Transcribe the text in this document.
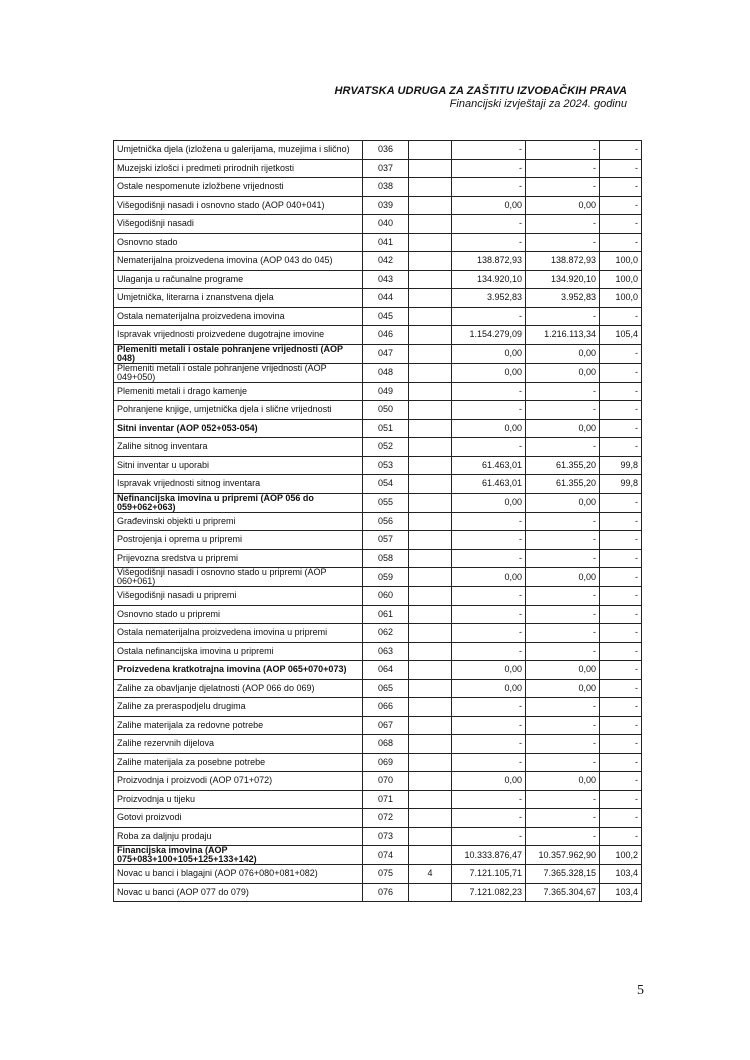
HRVATSKA UDRUGA ZA ZAŠTITU IZVOĐAČKIH PRAVA
Financijski izvještaji za 2024. godinu
Umjetnička djela (izložena u galerijama, muzejima i slično)	036		-	-	-
Muzejski izlošci i predmeti prirodnih rijetkosti	037		-	-	-
Ostale nespomenute izložbene vrijednosti	038		-	-	-
Višegodišnji nasadi i osnovno stado (AOP 040+041)	039		0,00	0,00	-
Višegodišnji nasadi	040		-	-	-
Osnovno stado	041		-	-	-
Nematerijalna proizvedena imovina (AOP 043 do 045)	042		138.872,93	138.872,93	100,0
Ulaganja u računalne programe	043		134.920,10	134.920,10	100,0
Umjetnička, literarna i znanstvena djela	044		3.952,83	3.952,83	100,0
Ostala nematerijalna proizvedena imovina	045		-	-	-
Ispravak vrijednosti proizvedene dugotrajne imovine	046		1.154.279,09	1.216.113,34	105,4
Plemeniti metali i ostale pohranjene vrijednosti (AOP 048)	047		0,00	0,00	-
Plemeniti metali i ostale pohranjene vrijednosti (AOP 049+050)	048		0,00	0,00	-
Plemeniti metali i drago kamenje	049		-	-	-
Pohranjene knjige, umjetnička djela i slične vrijednosti	050		-	-	-
Sitni inventar (AOP 052+053-054)	051		0,00	0,00	-
Zalihe sitnog inventara	052		-	-	-
Sitni inventar u uporabi	053		61.463,01	61.355,20	99,8
Ispravak vrijednosti sitnog inventara	054		61.463,01	61.355,20	99,8
Nefinancijska imovina u pripremi (AOP 056 do 059+062+063)	055		0,00	0,00	-
Građevinski objekti u pripremi	056		-	-	-
Postrojenja i oprema u pripremi	057		-	-	-
Prijevozna sredstva u pripremi	058		-	-	-
Višegodišnji nasadi i osnovno stado u pripremi (AOP 060+061)	059		0,00	0,00	-
Višegodišnji nasadi u pripremi	060		-	-	-
Osnovno stado u pripremi	061		-	-	-
Ostala nematerijalna proizvedena imovina u pripremi	062		-	-	-
Ostala nefinancijska imovina u pripremi	063		-	-	-
Proizvedena kratkotrajna imovina (AOP 065+070+073)	064		0,00	0,00	-
Zalihe za obavljanje djelatnosti (AOP 066 do 069)	065		0,00	0,00	-
Zalihe za preraspodjelu drugima	066		-	-	-
Zalihe materijala za redovne potrebe	067		-	-	-
Zalihe rezervnih dijelova	068		-	-	-
Zalihe materijala za posebne potrebe	069		-	-	-
Proizvodnja i proizvodi (AOP 071+072)	070		0,00	0,00	-
Proizvodnja u tijeku	071		-	-	-
Gotovi proizvodi	072		-	-	-
Roba za daljnju prodaju	073		-	-	-
Financijska imovina (AOP 075+083+100+105+125+133+142)	074		10.333.876,47	10.357.962,90	100,2
Novac u banci i blagajni (AOP 076+080+081+082)	075	4	7.121.105,71	7.365.328,15	103,4
Novac u banci (AOP 077 do 079)	076		7.121.082,23	7.365.304,67	103,4
5
